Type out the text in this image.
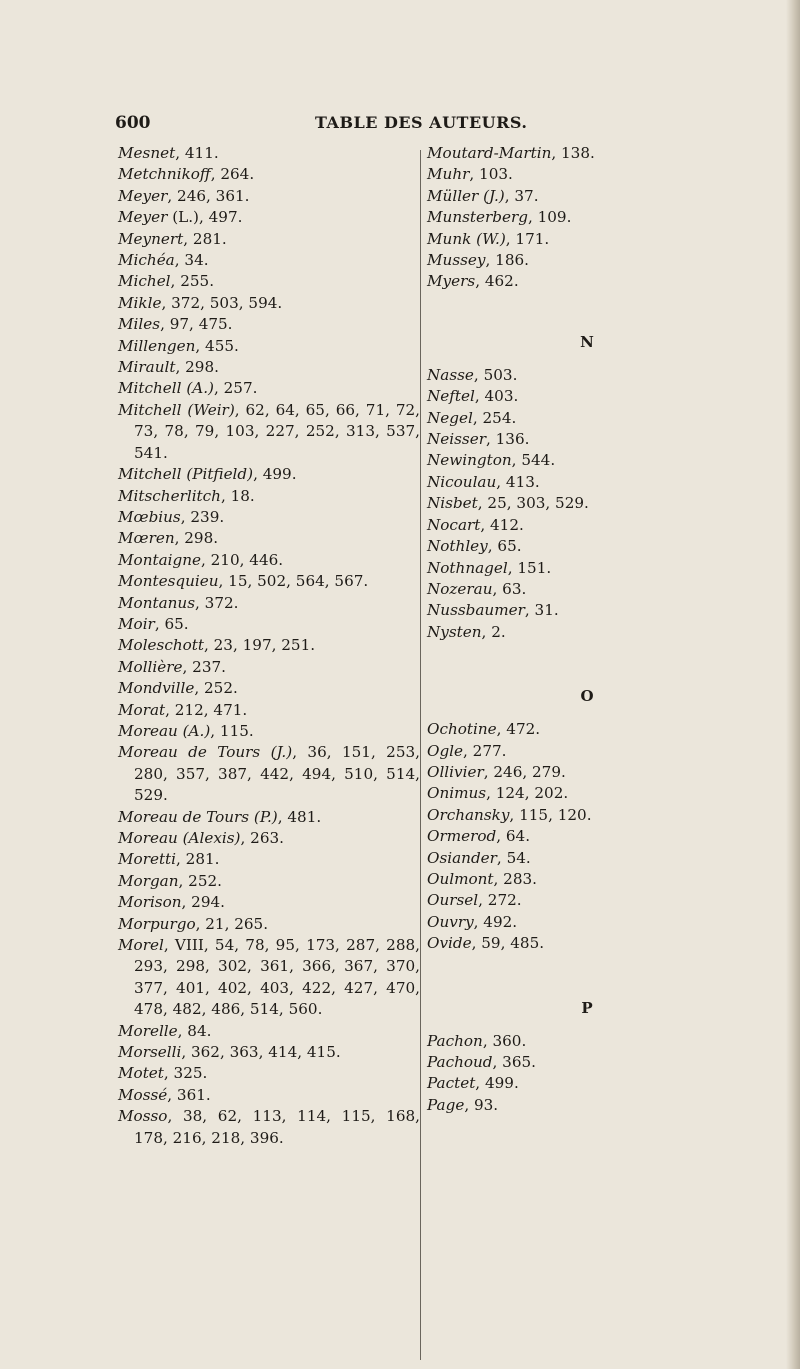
600	TABLE DES AUTEURS.
Mesnet, 411.
Metchnikoff, 264.
Meyer, 246, 361.
Meyer (L.), 497.
Meynert, 281.
Michéa, 34.
Michel, 255.
Mikle, 372, 503, 594.
Miles, 97, 475.
Millengen, 455.
Mirault, 298.
Mitchell (A.), 257.
Mitchell (Weir), 62, 64, 65, 66, 71, 72, 73, 78, 79, 103, 227, 252, 313, 537, 541.
Mitchell (Pitfield), 499.
Mitscherlitch, 18.
Mœbius, 239.
Mœren, 298.
Montaigne, 210, 446.
Montesquieu, 15, 502, 564, 567.
Montanus, 372.
Moir, 65.
Moleschott, 23, 197, 251.
Mollière, 237.
Mondville, 252.
Morat, 212, 471.
Moreau (A.), 115.
Moreau de Tours (J.), 36, 151, 253, 280, 357, 387, 442, 494, 510, 514, 529.
Moreau de Tours (P.), 481.
Moreau (Alexis), 263.
Moretti, 281.
Morgan, 252.
Morison, 294.
Morpurgo, 21, 265.
Morel, VIII, 54, 78, 95, 173, 287, 288, 293, 298, 302, 361, 366, 367, 370, 377, 401, 402, 403, 422, 427, 470, 478, 482, 486, 514, 560.
Morelle, 84.
Morselli, 362, 363, 414, 415.
Motet, 325.
Mossé, 361.
Mosso, 38, 62, 113, 114, 115, 168, 178, 216, 218, 396.
Moutard-Martin, 138.
Muhr, 103.
Müller (J.), 37.
Munsterberg, 109.
Munk (W.), 171.
Mussey, 186.
Myers, 462.
N
Nasse, 503.
Neftel, 403.
Negel, 254.
Neisser, 136.
Newington, 544.
Nicoulau, 413.
Nisbet, 25, 303, 529.
Nocart, 412.
Nothley, 65.
Nothnagel, 151.
Nozerau, 63.
Nussbaumer, 31.
Nysten, 2.
O
Ochotine, 472.
Ogle, 277.
Ollivier, 246, 279.
Onimus, 124, 202.
Orchansky, 115, 120.
Ormerod, 64.
Osiander, 54.
Oulmont, 283.
Oursel, 272.
Ouvry, 492.
Ovide, 59, 485.
P
Pachon, 360.
Pachoud, 365.
Pactet, 499.
Page, 93.
